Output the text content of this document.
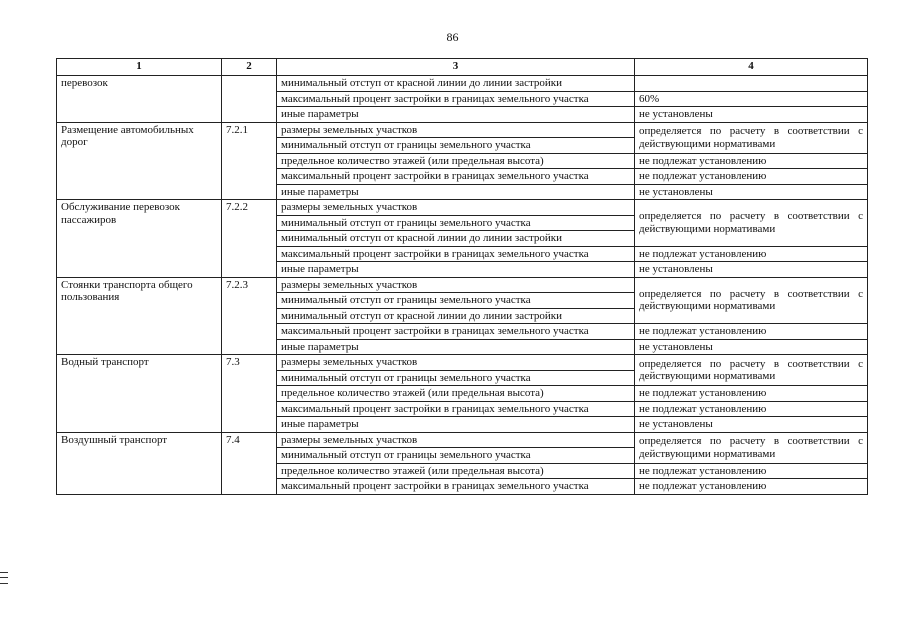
86
1	2	3	4
перевозок		минимальный отступ от красной линии до линии застройки	
		максимальный процент застройки в границах земельного участка	60%
		иные параметры	не установлены
Размещение автомобильных дорог	7.2.1	размеры земельных участков	определяется по расчету в соответствии с действующими нормативами
		минимальный отступ от границы земельного участка	
		предельное количество этажей (или предельная высота)	не подлежат установлению
		максимальный процент застройки в границах земельного участка	не подлежат установлению
		иные параметры	не установлены
Обслуживание перевозок пассажиров	7.2.2	размеры земельных участков	определяется по расчету в соответствии с действующими нормативами
		минимальный отступ от границы земельного участка	
		минимальный отступ от красной линии до линии застройки	
		максимальный процент застройки в границах земельного участка	не подлежат установлению
		иные параметры	не установлены
Стоянки транспорта общего пользования	7.2.3	размеры земельных участков	определяется по расчету в соответствии с действующими нормативами
		минимальный отступ от границы земельного участка	
		минимальный отступ от красной линии до линии застройки	
		максимальный процент застройки в границах земельного участка	не подлежат установлению
		иные параметры	не установлены
Водный транспорт	7.3	размеры земельных участков	определяется по расчету в соответствии с действующими нормативами
		минимальный отступ от границы земельного участка	
		предельное количество этажей (или предельная высота)	не подлежат установлению
		максимальный процент застройки в границах земельного участка	не подлежат установлению
		иные параметры	не установлены
Воздушный транспорт	7.4	размеры земельных участков	определяется по расчету в соответствии с действующими нормативами
		минимальный отступ от границы земельного участка	
		предельное количество этажей (или предельная высота)	не подлежат установлению
		максимальный процент застройки в границах земельного участка	не подлежат установлению
